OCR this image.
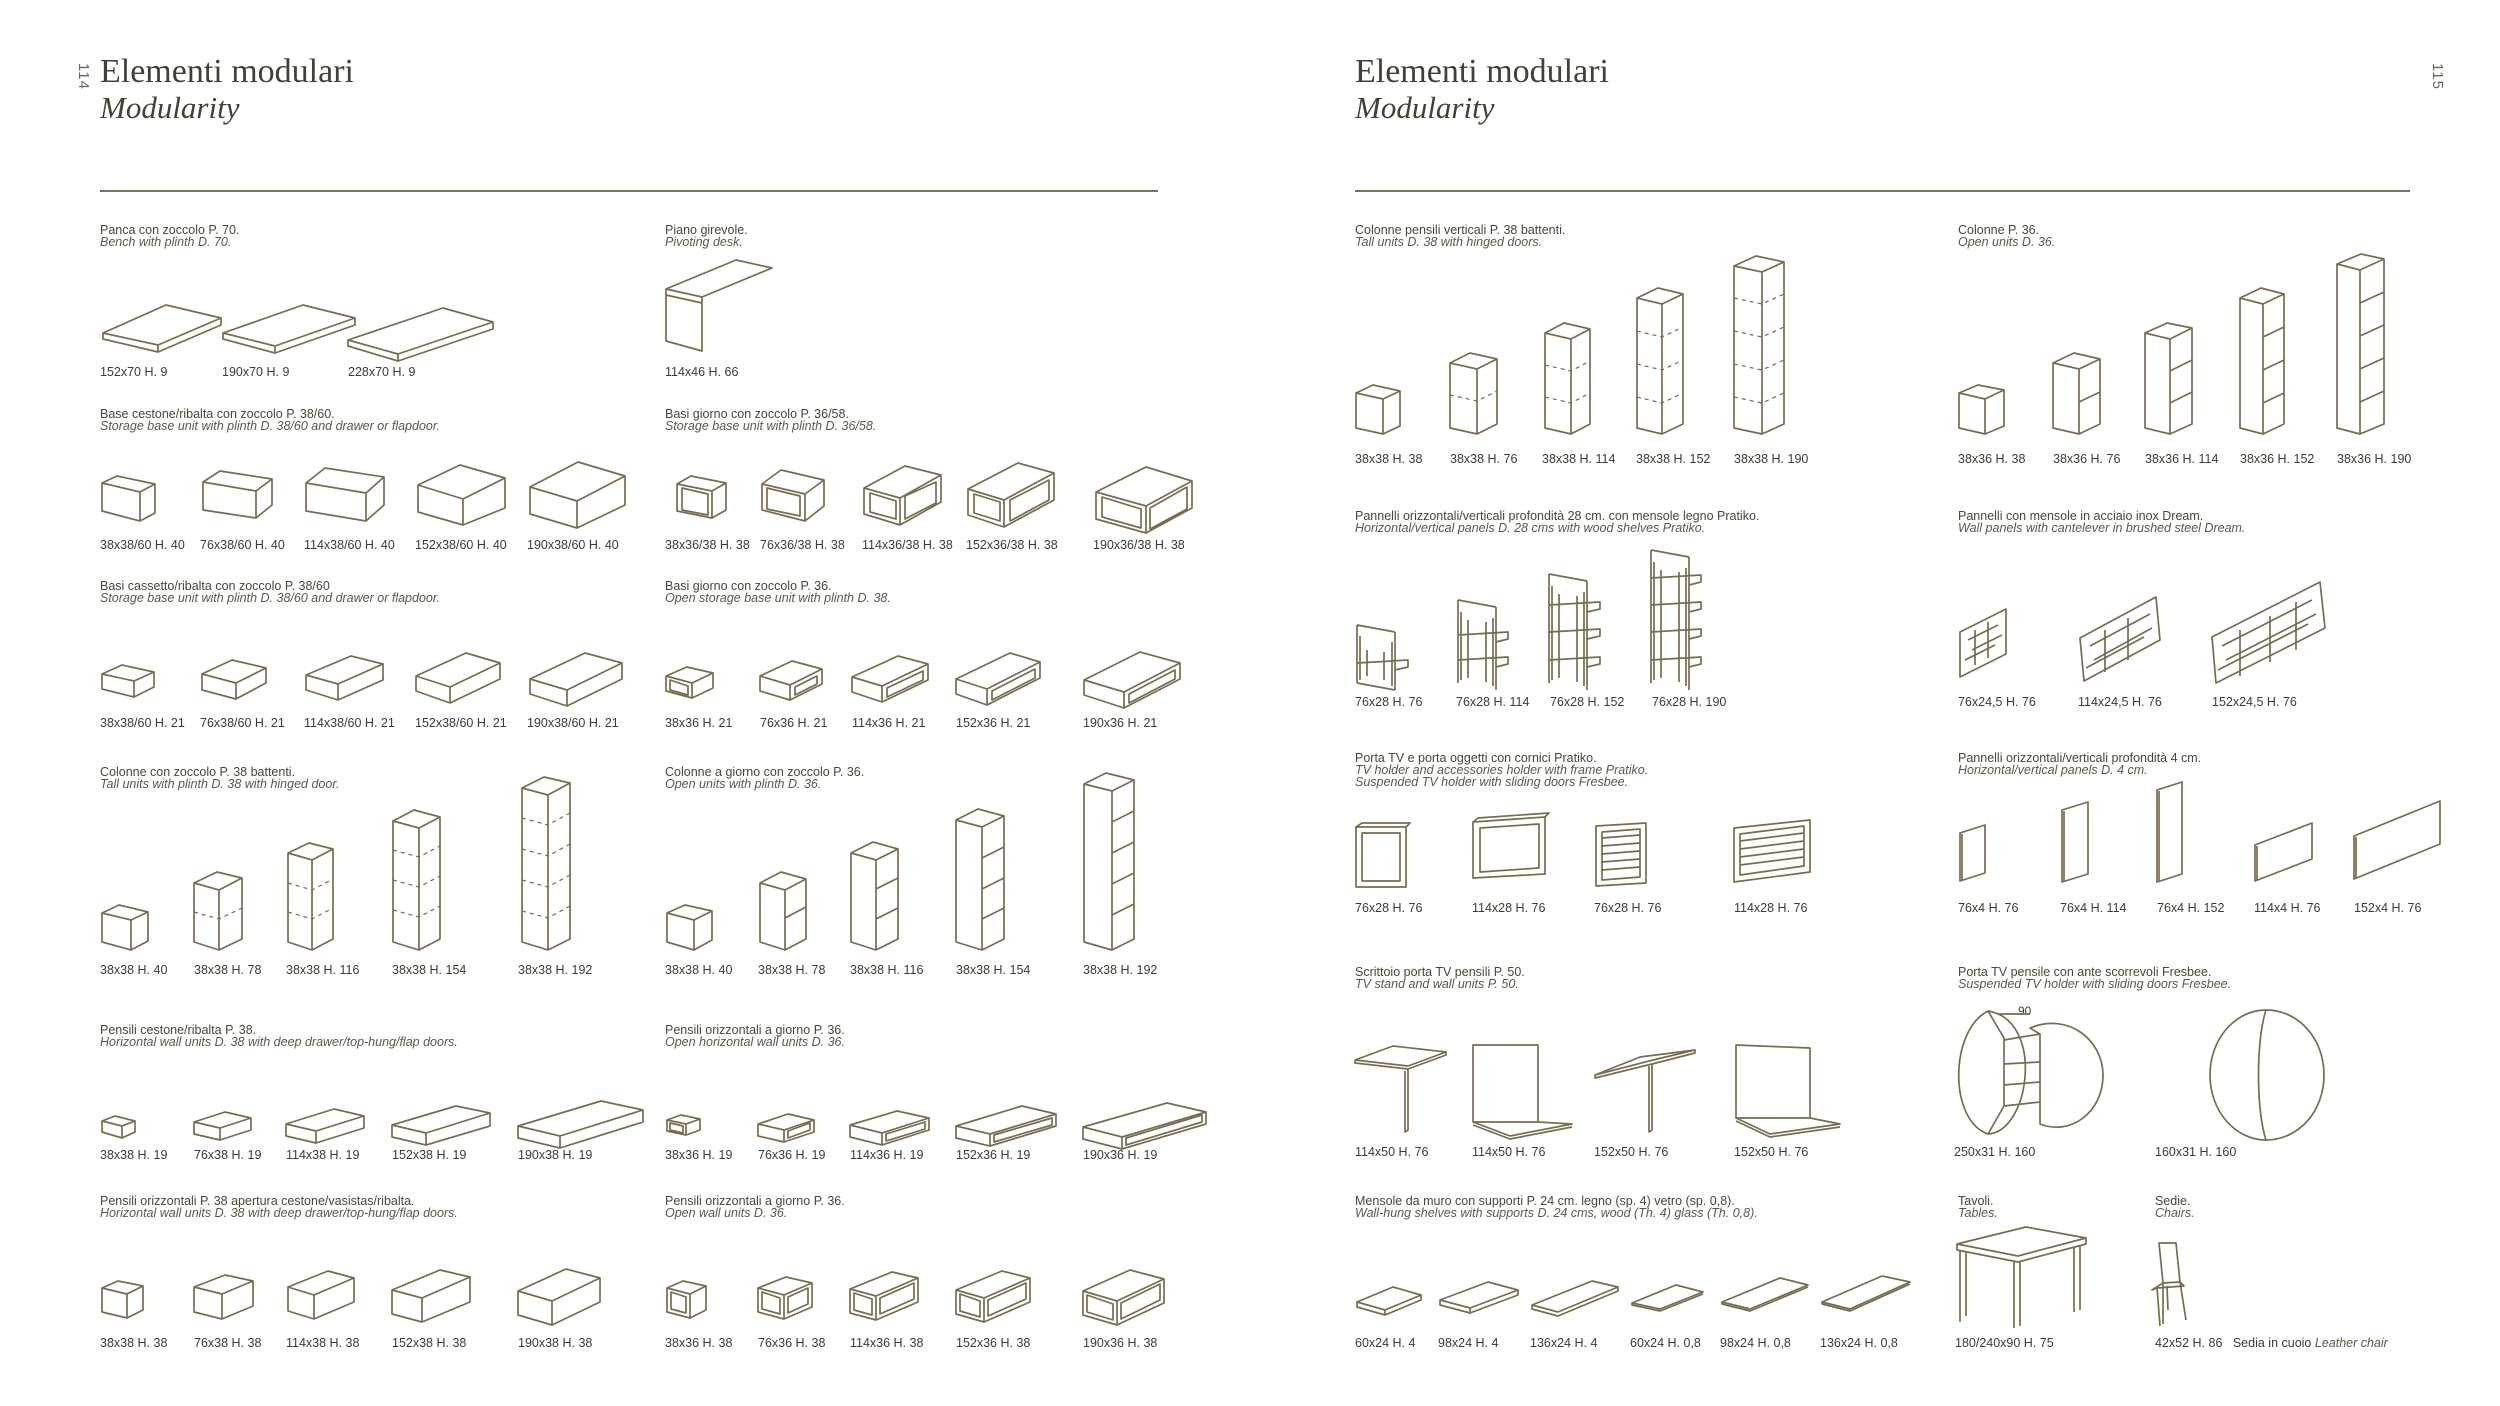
114 Elementi modulari
Modularity
Elementi modulari
Modularity
115
Panca con zoccolo P. 70.
Bench with plinth D. 70.
Piano girevole.
Pivoting desk.
Base cestone/ribalta con zoccolo P. 38/60.
Storage base unit with plinth D. 38/60 and drawer or flapdoor.
Basi giorno con zoccolo P. 36/58.
Storage base unit with plinth D. 36/58.
Basi cassetto/ribalta con zoccolo P. 38/60
Storage base unit with plinth D. 38/60 and drawer or flapdoor.
Basi giorno con zoccolo P. 36.
Open storage base unit with plinth D. 38.
Colonne con zoccolo P. 38 battenti.
Tall units with plinth D. 38 with hinged door.
Colonne a giorno con zoccolo P. 36.
Open units with plinth D. 36.
Pensili cestone/ribalta P. 38.
Horizontal wall units D. 38 with deep drawer/top-hung/flap doors.
Pensili orizzontali a giorno P. 36.
Open horizontal wall units D. 36.
Pensili orizzontali P. 38 apertura cestone/vasistas/ribalta.
Horizontal wall units D. 38 with deep drawer/top-hung/flap doors.
Pensili orizzontali a giorno P. 36.
Open wall units D. 36.
Colonne pensili verticali P. 38 battenti.
Tall units D. 38 with hinged doors.
Colonne P. 36.
Open units D. 36.
Pannelli orizzontali/verticali profondità 28 cm. con mensole legno Pratiko.
Horizontal/vertical panels D. 28 cms with wood shelves Pratiko.
Pannelli con mensole in acciaio inox Dream.
Wall panels with cantelever in brushed steel Dream.
Porta TV e porta oggetti con cornici Pratiko.
TV holder and accessories holder with frame Pratiko.
Suspended TV holder with sliding doors Fresbee.
Pannelli orizzontali/verticali profondità 4 cm.
Horizontal/vertical panels D. 4 cm.
Scrittoio porta TV pensili P. 50.
TV stand and wall units P. 50.
Porta TV pensile con ante scorrevoli Fresbee.
Suspended TV holder with sliding doors Fresbee.
Mensole da muro con supporti P. 24 cm. legno (sp. 4) vetro (sp. 0,8).
Wall-hung shelves with supports D. 24 cms, wood (Th. 4) glass (Th. 0,8).
Tavoli.
Tables.
Sedie.
Chairs.
152x70 H. 9	190x70 H. 9	228x70 H. 9	114x46 H. 66
38x38/60 H. 40 76x38/60 H. 40 114x38/60 H. 40 152x38/60 H. 40 190x38/60 H. 40	38x36/38 H. 38 76x36/38 H. 38 114x36/38 H. 38 152x36/38 H. 38	190x36/38 H. 38
38x38/60 H. 21 76x38/60 H. 21 114x38/60 H. 21 152x38/60 H. 21 190x38/60 H. 21	38x36 H. 21 76x36 H. 21 114x36 H. 21 152x36 H. 21	190x36 H. 21
38x38 H. 40 38x38 H. 78 38x38 H. 116	38x38 H. 154	38x38 H. 192	38x38 H. 40 38x38 H. 78 38x38 H. 116	38x38 H. 154	38x38 H. 192
38x38 H. 19 76x38 H. 19 114x38 H. 19	152x38 H. 19	190x38 H. 19	38x36 H. 19 76x36 H. 19 114x36 H. 19	152x36 H. 19	190x36 H. 19
38x38 H. 38 76x38 H. 38 114x38 H. 38	152x38 H. 38	190x38 H. 38	38x36 H. 38 76x36 H. 38 114x36 H. 38	152x36 H. 38	190x36 H. 38
38x38 H. 38 38x38 H. 76 38x38 H. 114 38x38 H. 152 38x38 H. 190	38x36 H. 38 38x36 H. 76 38x36 H. 114 38x36 H. 152 38x36 H. 190
76x28 H. 76	76x28 H. 114 76x28 H. 152 76x28 H. 190	76x24,5 H. 76	114x24,5 H. 76	152x24,5 H. 76
76x28 H. 76	114x28 H. 76	76x28 H. 76	114x28 H. 76	76x4 H. 76	76x4 H. 114 76x4 H. 152 114x4 H. 76	152x4 H. 76
114x50 H. 76	114x50 H. 76	152x50 H. 76	152x50 H. 76	250x31 H. 160	160x31 H. 160
90
60x24 H. 4 98x24 H. 4	136x24 H. 4	60x24 H. 0,8 98x24 H. 0,8 136x24 H. 0,8	180/240x90 H. 75	42x52 H. 86 Sedia in cuoio Leather chair
